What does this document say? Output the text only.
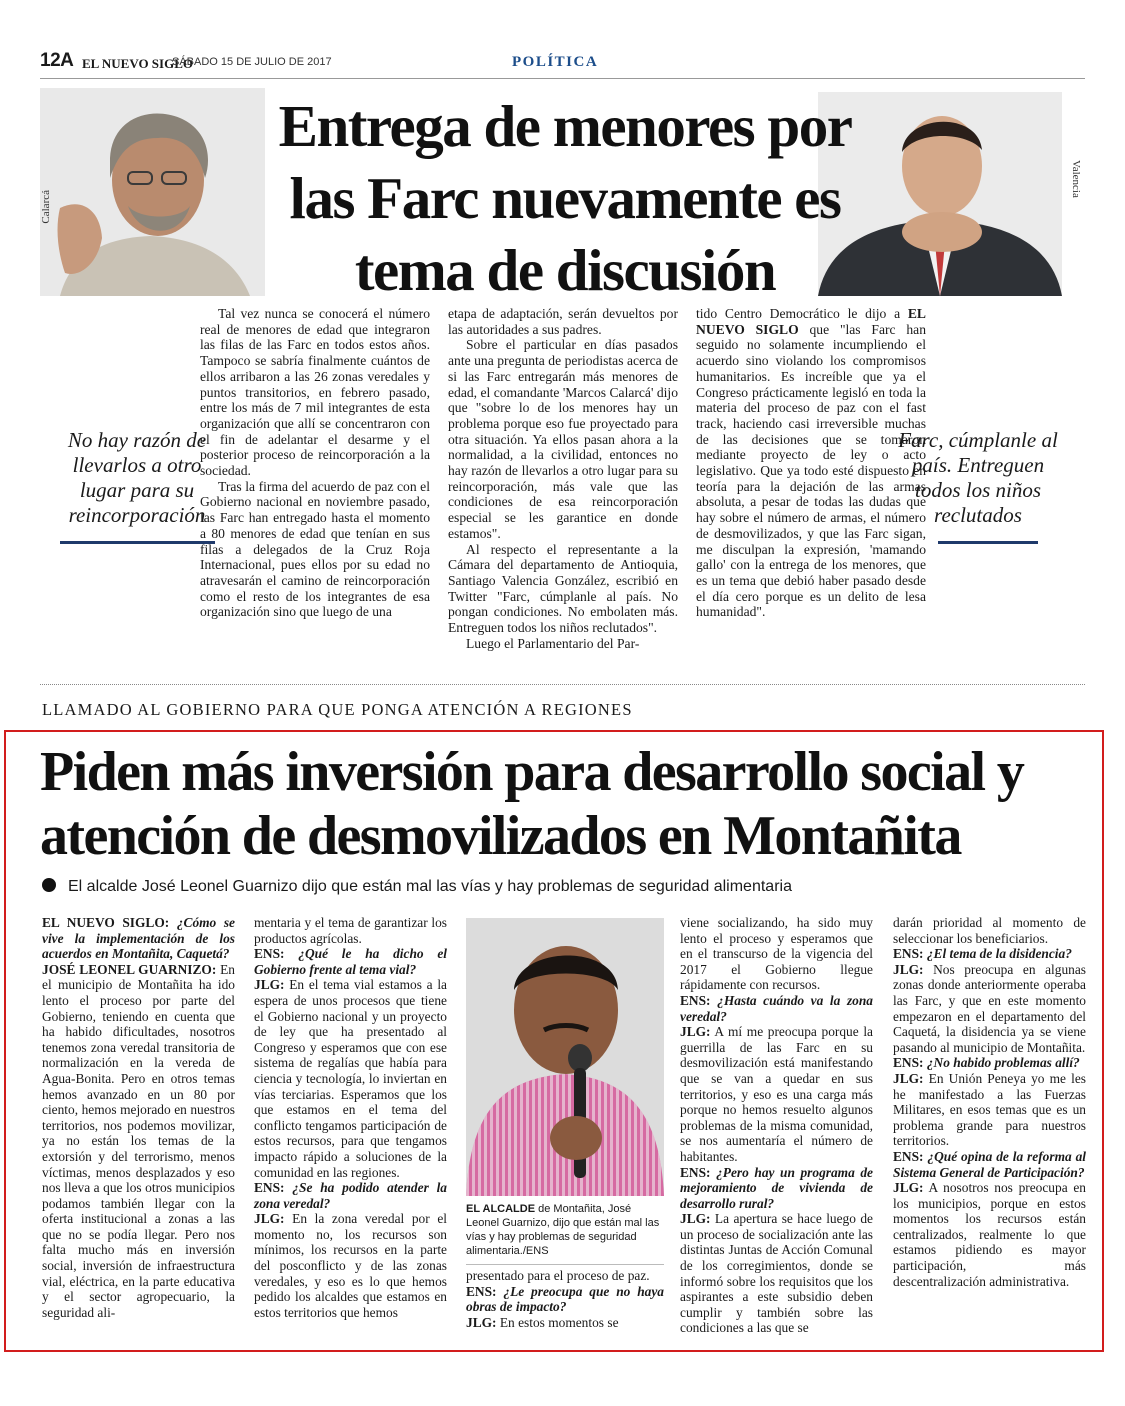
12A EL NUEVO SIGLO
SÁBADO 15 DE JULIO DE 2017	POLÍTICA
Calarcá
Valencia
Entrega de menores por las Farc nuevamente es tema de discusión
No hay razón de llevarlos a otro lugar para su reincorporación
Farc, cúmplanle al país. Entreguen todos los niños reclutados

Tal vez nunca se conocerá el número real de menores de edad que integraron las filas de las Farc en todos estos años. Tampoco se sabría finalmente cuántos de ellos arribaron a las 26 zonas veredales y puntos transitorios, en febrero pasado, entre los más de 7 mil integrantes de esta organización que allí se concentraron con el fin de adelantar el desarme y el posterior proceso de reincorporación a la sociedad.

Tras la firma del acuerdo de paz con el Gobierno nacional en noviembre pasado, las Farc han entregado hasta el momento a 80 menores de edad que tenían en sus filas a delegados de la Cruz Roja Internacional, pues ellos por su edad no atravesarán el camino de reincorporación como el resto de los integrantes de esa organización sino que luego de una

etapa de adaptación, serán devueltos por las autoridades a sus padres.

Sobre el particular en días pasados ante una pregunta de periodistas acerca de si las Farc entregarán más menores de edad, el comandante 'Marcos Calarcá' dijo que "sobre lo de los menores hay un problema porque eso fue proyectado para otra situación. Ya ellos pasan ahora a la normalidad, a la civilidad, entonces no hay razón de llevarlos a otro lugar para su reincorporación, más vale que las condiciones de esa reincorporación especial se les garantice en donde estamos".

Al respecto el representante a la Cámara del departamento de Antioquia, Santiago Valencia González, escribió en Twitter "Farc, cúmplanle al país. No pongan condiciones. No embolaten más. Entreguen todos los niños reclutados".

Luego el Parlamentario del Par-

tido Centro Democrático le dijo a EL NUEVO SIGLO que "las Farc han seguido no solamente incumpliendo el acuerdo sino violando los compromisos humanitarios. Es increíble que ya el Congreso prácticamente legisló en toda la materia del proceso de paz con el fast track, haciendo casi irreversible muchas de las decisiones que se tomaron mediante proyecto de ley o acto legislativo. Que ya todo esté dispuesto en teoría para la dejación de las armas absoluta, a pesar de todas las dudas que hay sobre el número de armas, el número de desmovilizados, y que las Farc sigan, me disculpan la expresión, 'mamando gallo' con la entrega de los menores, que es un tema que debió haber pasado desde el día cero porque es un delito de lesa humanidad".

LLAMADO AL GOBIERNO PARA QUE PONGA ATENCIÓN A REGIONES
Piden más inversión para desarrollo social y atención de desmovilizados en Montañita
El alcalde José Leonel Guarnizo dijo que están mal las vías y hay problemas de seguridad alimentaria

EL NUEVO SIGLO: ¿Cómo se vive la implementación de los acuerdos en Montañita, Caquetá?

JOSÉ LEONEL GUARNIZO: En el municipio de Montañita ha ido lento el proceso por parte del Gobierno, teniendo en cuenta que ha habido dificultades, nosotros tenemos zona veredal transitoria de normalización en la vereda de Agua-Bonita. Pero en otros temas hemos avanzado en un 80 por ciento, hemos mejorado en nuestros territorios, nos podemos movilizar, ya no están los temas de la extorsión y del terrorismo, menos víctimas, menos desplazados y eso nos lleva a que los otros municipios podamos también llegar con la oferta institucional a zonas a las que no se podía llegar. Pero nos falta mucho más en inversión social, inversión de infraestructura vial, eléctrica, en la parte educativa y el sector agropecuario, la seguridad ali-

mentaria y el tema de garantizar los productos agrícolas.

ENS: ¿Qué le ha dicho el Gobierno frente al tema vial?

JLG: En el tema vial estamos a la espera de unos procesos que tiene el Gobierno nacional y un proyecto de ley que ha presentado al Congreso y esperamos que con ese sistema de regalías que había para ciencia y tecnología, lo inviertan en vías terciarias. Esperamos que los que estamos en el tema del conflicto tengamos participación de estos recursos, para que tengamos impacto rápido a soluciones de la comunidad en las regiones.

ENS: ¿Se ha podido atender la zona veredal?

JLG: En la zona veredal por el momento no, los recursos son mínimos, los recursos en la parte del posconflicto y de las zonas veredales, y eso es lo que hemos pedido los alcaldes que estamos en estos territorios que hemos

EL ALCALDE de Montañita, José Leonel Guarnizo, dijo que están mal las vías y hay problemas de seguridad alimentaria./ENS

presentado para el proceso de paz.

ENS: ¿Le preocupa que no haya obras de impacto?

JLG: En estos momentos se

viene socializando, ha sido muy lento el proceso y esperamos que en el transcurso de la vigencia del 2017 el Gobierno llegue rápidamente con recursos.

ENS: ¿Hasta cuándo va la zona veredal?

JLG: A mí me preocupa porque la guerrilla de las Farc en su desmovilización está manifestando que se van a quedar en sus territorios, y eso es una carga más porque no hemos resuelto algunos problemas de la misma comunidad, se nos aumentaría el número de habitantes.

ENS: ¿Pero hay un programa de mejoramiento de vivienda de desarrollo rural?

JLG: La apertura se hace luego de un proceso de socialización ante las distintas Juntas de Acción Comunal de los corregimientos, donde se informó sobre los requisitos que los aspirantes a este subsidio deben cumplir y también sobre las condiciones a las que se

darán prioridad al momento de seleccionar los beneficiarios.

ENS: ¿El tema de la disidencia?

JLG: Nos preocupa en algunas zonas donde anteriormente operaba las Farc, y que en este momento empezaron en el departamento del Caquetá, la disidencia ya se viene pasando al municipio de Montañita.

ENS: ¿No habido problemas allí?

JLG: En Unión Peneya yo me les he manifestado a las Fuerzas Militares, en esos temas que es un problema grande para nuestros territorios.

ENS: ¿Qué opina de la reforma al Sistema General de Participación?

JLG: A nosotros nos preocupa en los municipios, porque en estos momentos los recursos están centralizados, realmente lo que estamos pidiendo es mayor participación, más descentralización administrativa.
